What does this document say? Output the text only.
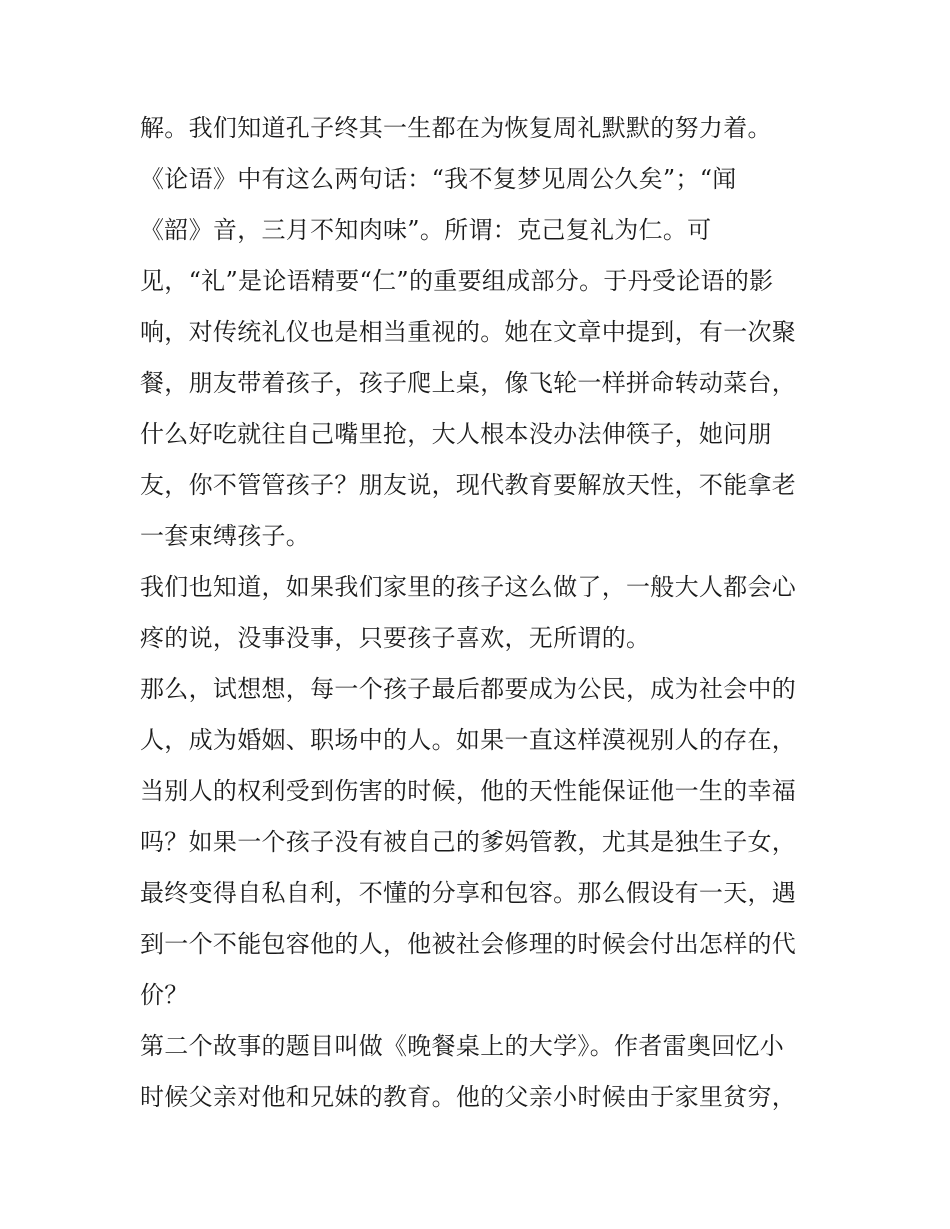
解。我们知道孔子终其一生都在为恢复周礼默默的努力着。
《论语》中有这么两句话：“我不复梦见周公久矣”；“闻
《韶》音，三月不知肉味”。所谓：克己复礼为仁。可
见，“礼”是论语精要“仁”的重要组成部分。于丹受论语的影
响，对传统礼仪也是相当重视的。她在文章中提到，有一次聚
餐，朋友带着孩子，孩子爬上桌，像飞轮一样拼命转动菜台，
什么好吃就往自己嘴里抢，大人根本没办法伸筷子，她问朋
友，你不管管孩子？朋友说，现代教育要解放天性，不能拿老
一套束缚孩子。
我们也知道，如果我们家里的孩子这么做了，一般大人都会心
疼的说，没事没事，只要孩子喜欢，无所谓的。
那么，试想想，每一个孩子最后都要成为公民，成为社会中的
人，成为婚姻、职场中的人。如果一直这样漠视别人的存在，
当别人的权利受到伤害的时候，他的天性能保证他一生的幸福
吗？如果一个孩子没有被自己的爹妈管教，尤其是独生子女，
最终变得自私自利，不懂的分享和包容。那么假设有一天，遇
到一个不能包容他的人，他被社会修理的时候会付出怎样的代
价？
第二个故事的题目叫做《晚餐桌上的大学》。作者雷奥回忆小
时候父亲对他和兄妹的教育。他的父亲小时候由于家里贫穷，
